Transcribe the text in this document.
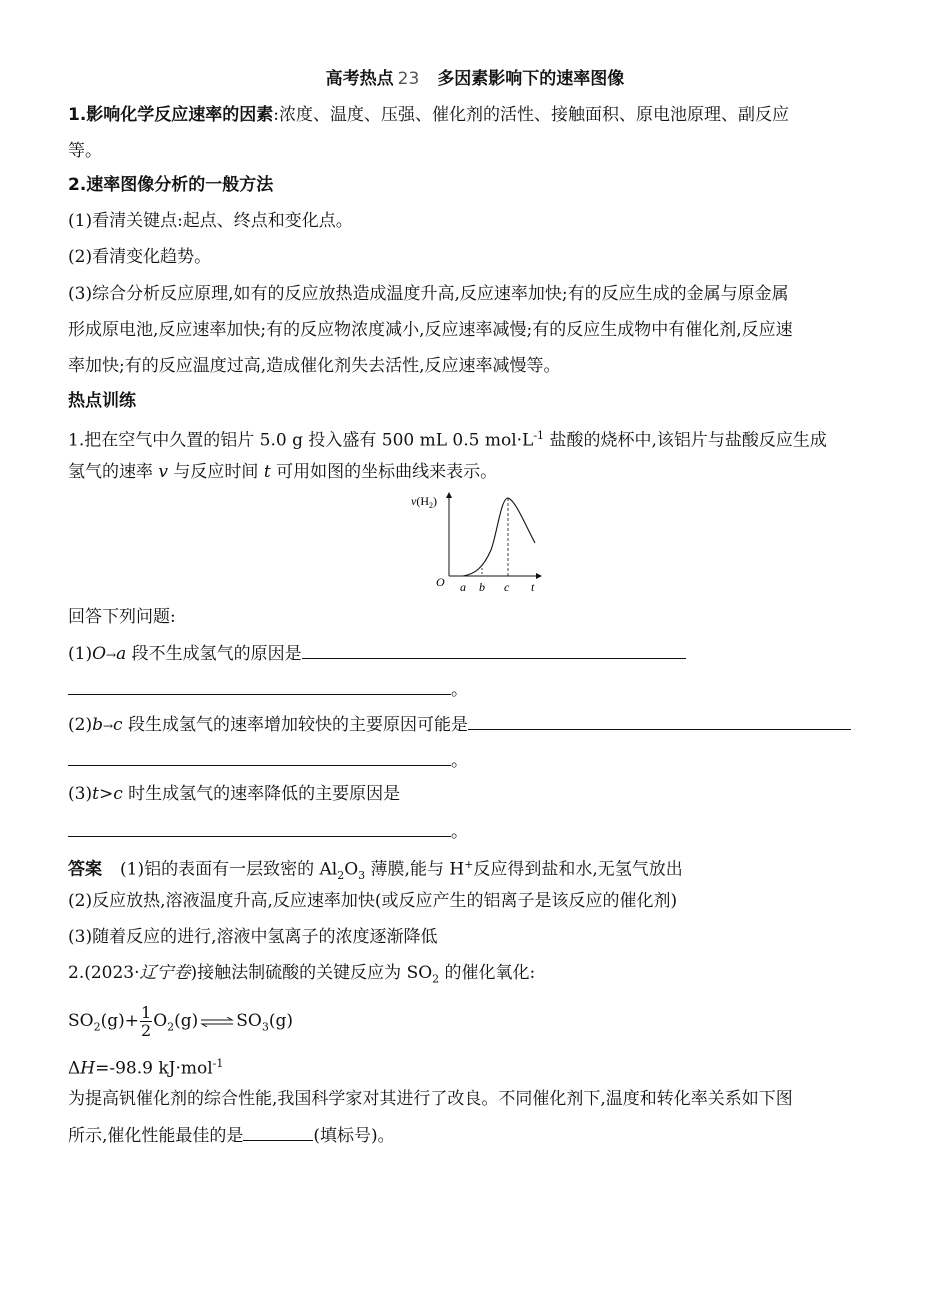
高考热点 23 多因素影响下的速率图像
1.影响化学反应速率的因素:浓度、温度、压强、催化剂的活性、接触面积、原电池原理、副反应
等。
2.速率图像分析的一般方法
(1)看清关键点:起点、终点和变化点。
(2)看清变化趋势。
(3)综合分析反应原理,如有的反应放热造成温度升高,反应速率加快;有的反应生成的金属与原金属
形成原电池,反应速率加快;有的反应物浓度减小,反应速率减慢;有的反应生成物中有催化剂,反应速
率加快;有的反应温度过高,造成催化剂失去活性,反应速率减慢等。
热点训练
1.把在空气中久置的铝片 5.0 g 投入盛有 500 mL 0.5 $mol\cdot L^{-1}$ 盐酸的烧杯中,该铝片与盐酸反应生成
氢气的速率 v 与反应时间 t 可用如图的坐标曲线来表示。
$v(H_2)$
O a b c t
回答下列问题:
(1)O→a 段不生成氢气的原因是
。
(2)b→c 段生成氢气的速率增加较快的主要原因可能是
。
(3)t>c 时生成氢气的速率降低的主要原因是
。
答案 (1)铝的表面有一层致密的 $Al_2O_3$ 薄膜,能与 H+反应得到盐和水,无氢气放出
(2)反应放热,溶液温度升高,反应速率加快(或反应产生的铝离子是该反应的催化剂)
(3)随着反应的进行,溶液中氢离子的浓度逐渐降低
2.(2023·辽宁卷)接触法制硫酸的关键反应为 $SO_2$ 的催化氧化:
$SO_2(g)+ \frac{1}{2} O_2(g)$ ⇌ $SO_3(g)$
ΔH=-98.9 kJ·mol$^{-1}$
为提高钒催化剂的综合性能,我国科学家对其进行了改良。不同催化剂下,温度和转化率关系如下图
所示,催化性能最佳的是	(填标号)。
